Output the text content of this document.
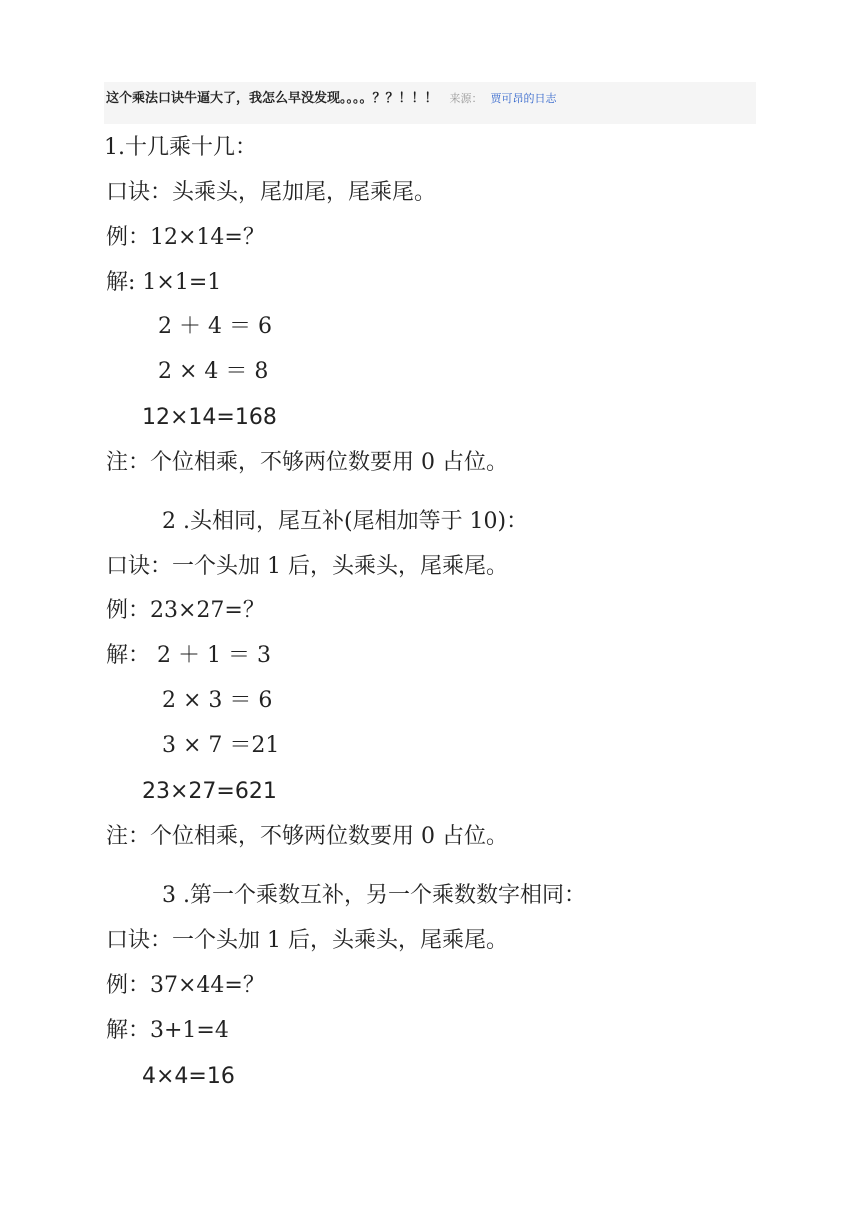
这个乘法口诀牛逼大了，我怎么早没发现。。。。？？！！！ 来源： 贾可昂的日志
1.十几乘十几：
口诀：头乘头，尾加尾，尾乘尾。
例：12×14=？
解: 1×1=1
2 ＋ 4 ＝ 6
2 × 4 ＝ 8
12×14=168
注：个位相乘，不够两位数要用 0 占位。
2 .头相同，尾互补(尾相加等于 10)：
口诀：一个头加 1 后，头乘头，尾乘尾。
例：23×27=？
解： 2 ＋ 1 ＝ 3
2 × 3 ＝ 6
3 × 7 ＝21
23×27=621
注：个位相乘，不够两位数要用 0 占位。
3 .第一个乘数互补，另一个乘数数字相同：
口诀：一个头加 1 后，头乘头，尾乘尾。
例：37×44=？
解：3+1=4
4×4=16
